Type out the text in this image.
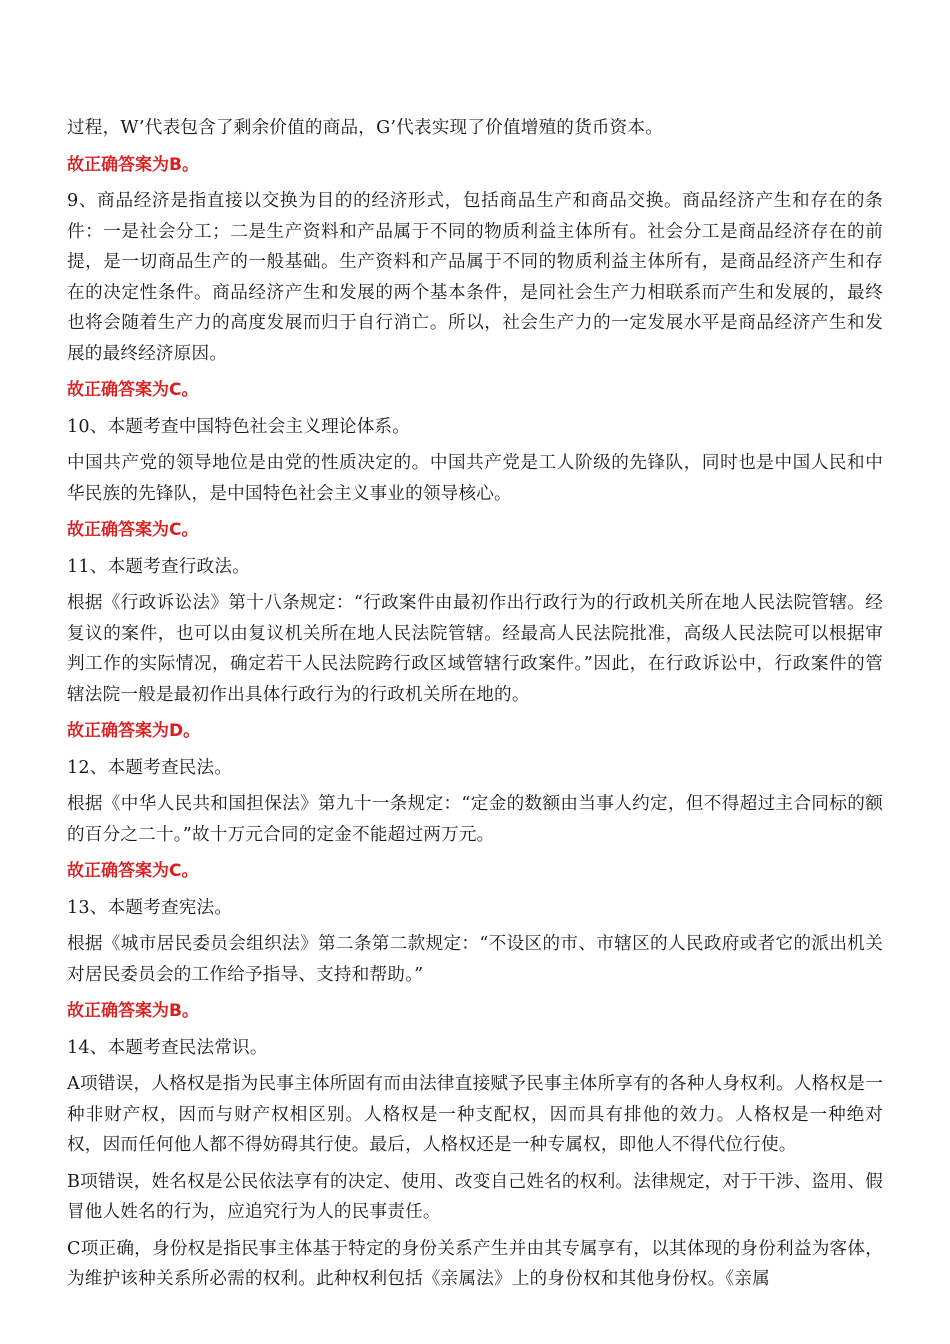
过程，W’代表包含了剩余价值的商品，G’代表实现了价值增殖的货币资本。

故正确答案为B。

9、商品经济是指直接以交换为目的的经济形式，包括商品生产和商品交换。商品经济产生和存在的条件：一是社会分工；二是生产资料和产品属于不同的物质利益主体所有。社会分工是商品经济存在的前提，是一切商品生产的一般基础。生产资料和产品属于不同的物质利益主体所有，是商品经济产生和存在的决定性条件。商品经济产生和发展的两个基本条件，是同社会生产力相联系而产生和发展的，最终也将会随着生产力的高度发展而归于自行消亡。所以，社会生产力的一定发展水平是商品经济产生和发展的最终经济原因。

故正确答案为C。

10、本题考查中国特色社会主义理论体系。

中国共产党的领导地位是由党的性质决定的。中国共产党是工人阶级的先锋队，同时也是中国人民和中华民族的先锋队，是中国特色社会主义事业的领导核心。

故正确答案为C。

11、本题考查行政法。

根据《行政诉讼法》第十八条规定：“行政案件由最初作出行政行为的行政机关所在地人民法院管辖。经复议的案件，也可以由复议机关所在地人民法院管辖。经最高人民法院批准，高级人民法院可以根据审判工作的实际情况，确定若干人民法院跨行政区域管辖行政案件。”因此，在行政诉讼中，行政案件的管辖法院一般是最初作出具体行政行为的行政机关所在地的。

故正确答案为D。

12、本题考查民法。

根据《中华人民共和国担保法》第九十一条规定：“定金的数额由当事人约定，但不得超过主合同标的额的百分之二十。”故十万元合同的定金不能超过两万元。

故正确答案为C。

13、本题考查宪法。

根据《城市居民委员会组织法》第二条第二款规定：“不设区的市、市辖区的人民政府或者它的派出机关对居民委员会的工作给予指导、支持和帮助。”

故正确答案为B。

14、本题考查民法常识。

A项错误，人格权是指为民事主体所固有而由法律直接赋予民事主体所享有的各种人身权利。人格权是一种非财产权，因而与财产权相区别。人格权是一种支配权，因而具有排他的效力。人格权是一种绝对权，因而任何他人都不得妨碍其行使。最后，人格权还是一种专属权，即他人不得代位行使。

B项错误，姓名权是公民依法享有的决定、使用、改变自己姓名的权利。法律规定，对于干涉、盗用、假冒他人姓名的行为，应追究行为人的民事责任。

C项正确，身份权是指民事主体基于特定的身份关系产生并由其专属享有，以其体现的身份利益为客体，为维护该种关系所必需的权利。此种权利包括《亲属法》上的身份权和其他身份权。《亲属
